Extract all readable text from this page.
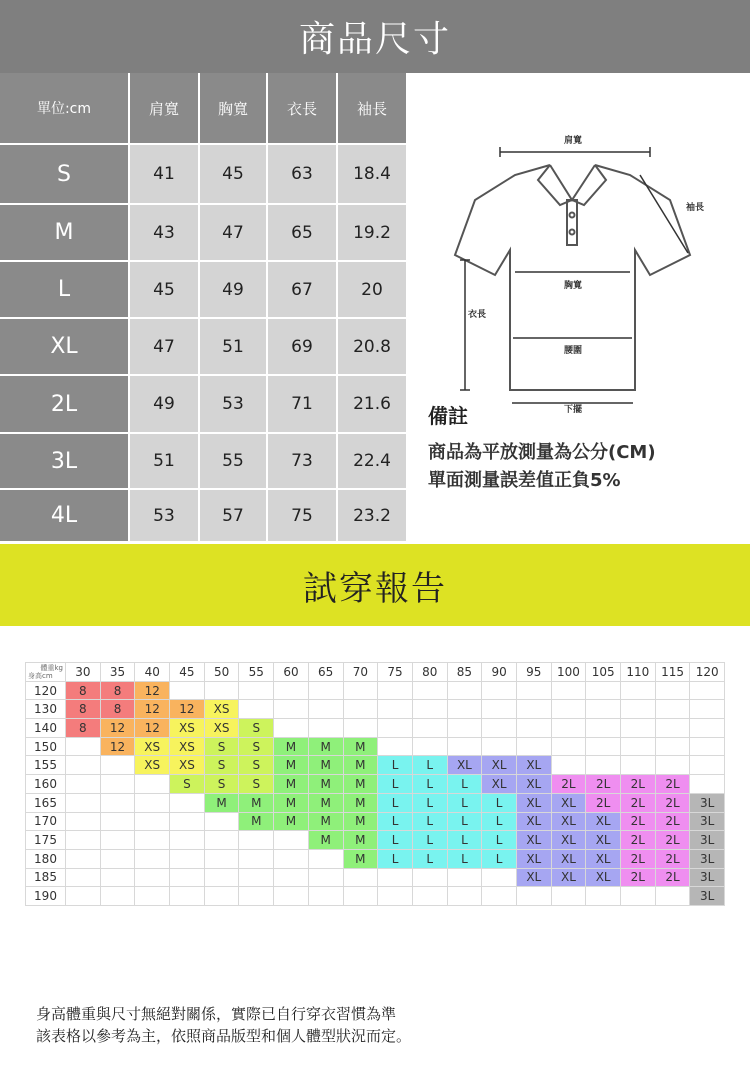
商品尺寸
單位:cm	肩寬	胸寬	衣長	袖長
S	41	45	63	18.4
M	43	47	65	19.2
L	45	49	67	20
XL	47	51	69	20.8
2L	49	53	71	21.6
3L	51	55	73	22.4
4L	53	57	75	23.2
肩寬
袖長
胸寬
衣長
腰圍
下擺
備註
商品為平放測量為公分(CM)
單面測量誤差值正負5%
試穿報告
體重kg
身高cm	30	35	40	45	50	55	60	65	70	75	80	85	90	95	100	105	110	115	120
120	8	8	12																
130	8	8	12	12	XS														
140	8	12	12	XS	XS	S													
150		12	XS	XS	S	S	M	M	M										
155			XS	XS	S	S	M	M	M	L	L	XL	XL	XL					
160				S	S	S	M	M	M	L	L	L	XL	XL	2L	2L	2L	2L	
165					M	M	M	M	M	L	L	L	L	XL	XL	2L	2L	2L	3L
170						M	M	M	M	L	L	L	L	XL	XL	XL	2L	2L	3L
175								M	M	L	L	L	L	XL	XL	XL	2L	2L	3L
180									M	L	L	L	L	XL	XL	XL	2L	2L	3L
185														XL	XL	XL	2L	2L	3L
190																			3L
身高體重與尺寸無絕對關係，實際已自行穿衣習慣為準
該表格以參考為主，依照商品版型和個人體型狀況而定。
